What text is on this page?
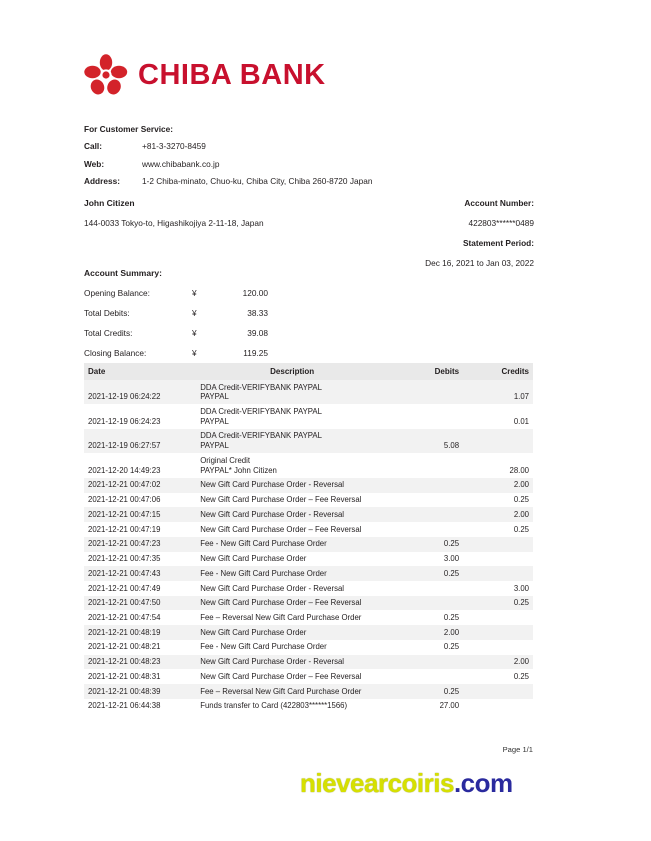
CHIBA BANK
For Customer Service:
Call:	+81-3-3270-8459
Web:	www.chibabank.co.jp
Address:	1-2 Chiba-minato, Chuo-ku, Chiba City, Chiba 260-8720 Japan
John Citizen	Account Number:
144-0033 Tokyo-to, Higashikojiya 2-11-18, Japan	422803******0489

Statement Period:

Dec 16, 2021 to Jan 03, 2022
Account Summary:
Opening Balance:	¥	120.00
Total Debits:	¥	38.33
Total Credits:	¥	39.08
Closing Balance:	¥	119.25
Date	Description	Debits	Credits
2021-12-19 06:24:22	DDA Credit-VERIFYBANK PAYPAL
PAYPAL		1.07
2021-12-19 06:24:23	DDA Credit-VERIFYBANK PAYPAL
PAYPAL		0.01
2021-12-19 06:27:57	DDA Credit-VERIFYBANK PAYPAL
PAYPAL	5.08	
2021-12-20 14:49:23	Original Credit
PAYPAL* John Citizen		28.00
2021-12-21 00:47:02	New Gift Card Purchase Order - Reversal		2.00
2021-12-21 00:47:06	New Gift Card Purchase Order – Fee Reversal		0.25
2021-12-21 00:47:15	New Gift Card Purchase Order - Reversal		2.00
2021-12-21 00:47:19	New Gift Card Purchase Order – Fee Reversal		0.25
2021-12-21 00:47:23	Fee - New Gift Card Purchase Order	0.25	
2021-12-21 00:47:35	New Gift Card Purchase Order	3.00	
2021-12-21 00:47:43	Fee - New Gift Card Purchase Order	0.25	
2021-12-21 00:47:49	New Gift Card Purchase Order - Reversal		3.00
2021-12-21 00:47:50	New Gift Card Purchase Order – Fee Reversal		0.25
2021-12-21 00:47:54	Fee – Reversal New Gift Card Purchase Order	0.25	
2021-12-21 00:48:19	New Gift Card Purchase Order	2.00	
2021-12-21 00:48:21	Fee - New Gift Card Purchase Order	0.25	
2021-12-21 00:48:23	New Gift Card Purchase Order - Reversal		2.00
2021-12-21 00:48:31	New Gift Card Purchase Order – Fee Reversal		0.25
2021-12-21 00:48:39	Fee – Reversal New Gift Card Purchase Order	0.25	
2021-12-21 06:44:38	Funds transfer to Card (422803******1566)	27.00	
Page 1/1
nievearcoiris.com
